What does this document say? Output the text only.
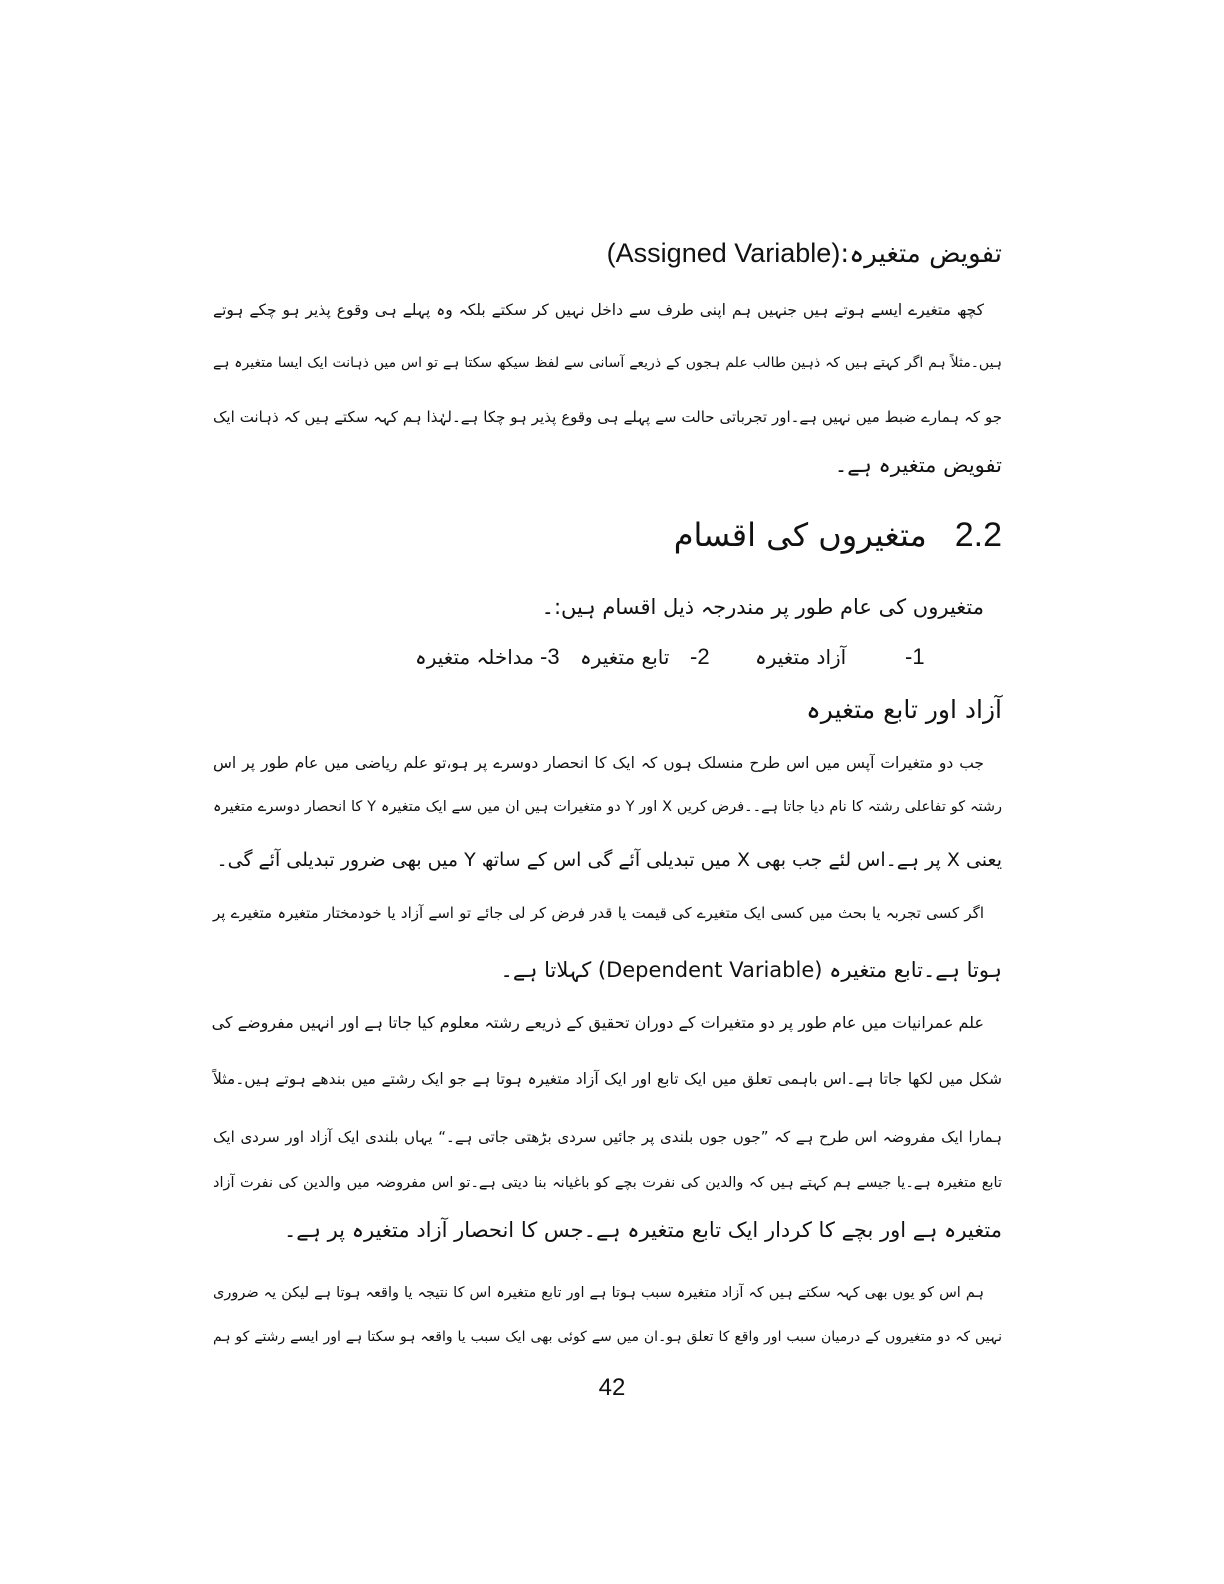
تفویض متغیرہ:(Assigned Variable)
کچھ متغیرے ایسے ہوتے ہیں جنہیں ہم اپنی طرف سے داخل نہیں کر سکتے بلکہ وہ پہلے ہی وقوع پذیر ہو چکے ہوتے
ہیں۔مثلاً ہم اگر کہتے ہیں کہ ذہین طالب علم ہجوں کے ذریعے آسانی سے لفظ سیکھ سکتا ہے تو اس میں ذہانت ایک ایسا متغیرہ ہے
جو کہ ہمارے ضبط میں نہیں ہے۔اور تجرباتی حالت سے پہلے ہی وقوع پذیر ہو چکا ہے۔لہٰذا ہم کہہ سکتے ہیں کہ ذہانت ایک
تفویض متغیرہ ہے۔
2.2متغیروں کی اقسام
متغیروں کی عام طور پر مندرجہ ذیل اقسام ہیں:۔
1-
آزاد متغیرہ
2-
تابع متغیرہ
3-
مداخلہ متغیرہ
آزاد اور تابع متغیرہ
جب دو متغیرات آپس میں اس طرح منسلک ہوں کہ ایک کا انحصار دوسرے پر ہو،تو علم ریاضی میں عام طور پر اس
رشتہ کو تفاعلی رشتہ کا نام دیا جاتا ہے۔۔فرض کریں X اور Y دو متغیرات ہیں ان میں سے ایک متغیرہ Y کا انحصار دوسرے متغیرہ
یعنی X پر ہے۔اس لئے جب بھی X میں تبدیلی آئے گی اس کے ساتھ Y میں بھی ضرور تبدیلی آئے گی۔
اگر کسی تجربہ یا بحث میں کسی ایک متغیرے کی قیمت یا قدر فرض کر لی جائے تو اسے آزاد یا خودمختار متغیرہ متغیرے پر
ہوتا ہے۔تابع متغیرہ (Dependent Variable) کہلاتا ہے۔
علم عمرانیات میں عام طور پر دو متغیرات کے دوران تحقیق کے ذریعے رشتہ معلوم کیا جاتا ہے اور انہیں مفروضے کی
شکل میں لکھا جاتا ہے۔اس باہمی تعلق میں ایک تابع اور ایک آزاد متغیرہ ہوتا ہے جو ایک رشتے میں بندھے ہوتے ہیں۔مثلاً
ہمارا ایک مفروضہ اس طرح ہے کہ ”جوں جوں بلندی پر جائیں سردی بڑھتی جاتی ہے۔“ یہاں بلندی ایک آزاد اور سردی ایک
تابع متغیرہ ہے۔یا جیسے ہم کہتے ہیں کہ والدین کی نفرت بچے کو باغیانہ بنا دیتی ہے۔تو اس مفروضہ میں والدین کی نفرت آزاد
متغیرہ ہے اور بچے کا کردار ایک تابع متغیرہ ہے۔جس کا انحصار آزاد متغیرہ پر ہے۔
ہم اس کو یوں بھی کہہ سکتے ہیں کہ آزاد متغیرہ سبب ہوتا ہے اور تابع متغیرہ اس کا نتیجہ یا واقعہ ہوتا ہے لیکن یہ ضروری
نہیں کہ دو متغیروں کے درمیان سبب اور واقع کا تعلق ہو۔ان میں سے کوئی بھی ایک سبب یا واقعہ ہو سکتا ہے اور ایسے رشتے کو ہم
42
